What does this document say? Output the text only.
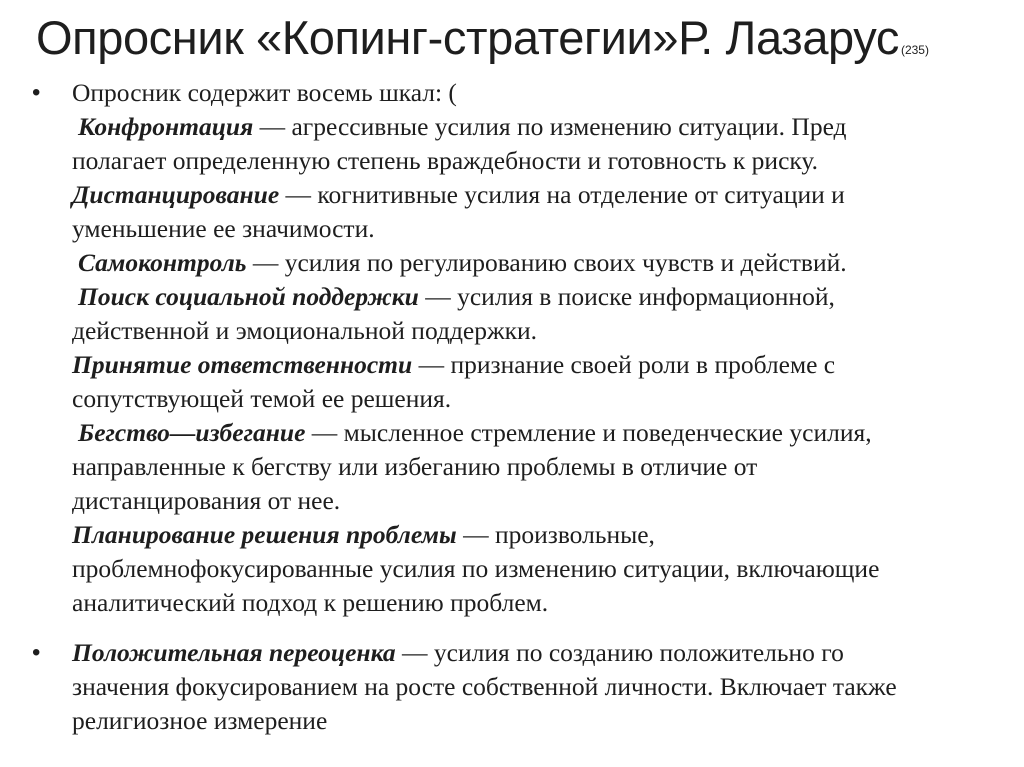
Опросник «Копинг-стратегии»Р. Лазарус (235)
• Опросник содержит восемь шкал: (
Конфронтация — агрессивные усилия по изменению ситуации. Пред
полагает определенную степень враждебности и готовность к риску.
Дистанцирование — когнитивные усилия на отделение от ситуации и
уменьшение ее значимости.
Самоконтроль — усилия по регулированию своих чувств и действий.
Поиск социальной поддержки — усилия в поиске информационной,
действенной и эмоциональной поддержки.
Принятие ответственности — признание своей роли в проблеме с
сопутствующей темой ее решения.
Бегство—избегание — мысленное стремление и поведенческие усилия,
направленные к бегству или избеганию проблемы в отличие от
дистанцирования от нее.
Планирование решения проблемы — произвольные,
проблемнофокусированные усилия по изменению ситуации, включающие
аналитический подход к решению проблем.
• Положительная переоценка — усилия по созданию положительно го
значения фокусированием на росте собственной личности. Включает также
религиозное измерение
